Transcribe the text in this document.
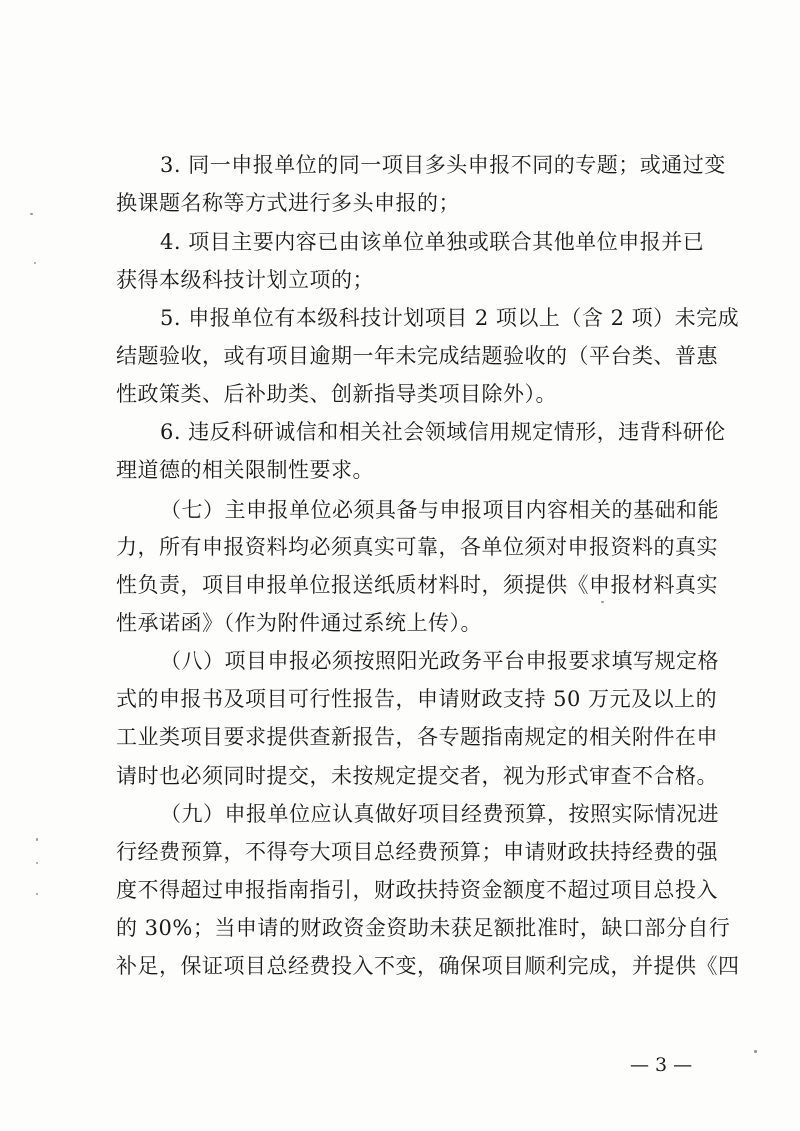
3. 同一申报单位的同一项目多头申报不同的专题；或通过变
换课题名称等方式进行多头申报的；
4. 项目主要内容已由该单位单独或联合其他单位申报并已
获得本级科技计划立项的；
5. 申报单位有本级科技计划项目 2 项以上（含 2 项）未完成
结题验收，或有项目逾期一年未完成结题验收的（平台类、普惠
性政策类、后补助类、创新指导类项目除外）。
6. 违反科研诚信和相关社会领域信用规定情形，违背科研伦
理道德的相关限制性要求。
（七）主申报单位必须具备与申报项目内容相关的基础和能
力，所有申报资料均必须真实可靠，各单位须对申报资料的真实
性负责，项目申报单位报送纸质材料时，须提供《申报材料真实
性承诺函》（作为附件通过系统上传）。
（八）项目申报必须按照阳光政务平台申报要求填写规定格
式的申报书及项目可行性报告，申请财政支持 50 万元及以上的
工业类项目要求提供查新报告，各专题指南规定的相关附件在申
请时也必须同时提交，未按规定提交者，视为形式审查不合格。
（九）申报单位应认真做好项目经费预算，按照实际情况进
行经费预算，不得夸大项目总经费预算；申请财政扶持经费的强
度不得超过申报指南指引，财政扶持资金额度不超过项目总投入
的 30%；当申请的财政资金资助未获足额批准时，缺口部分自行
补足，保证项目总经费投入不变，确保项目顺利完成，并提供《四
— 3 —
